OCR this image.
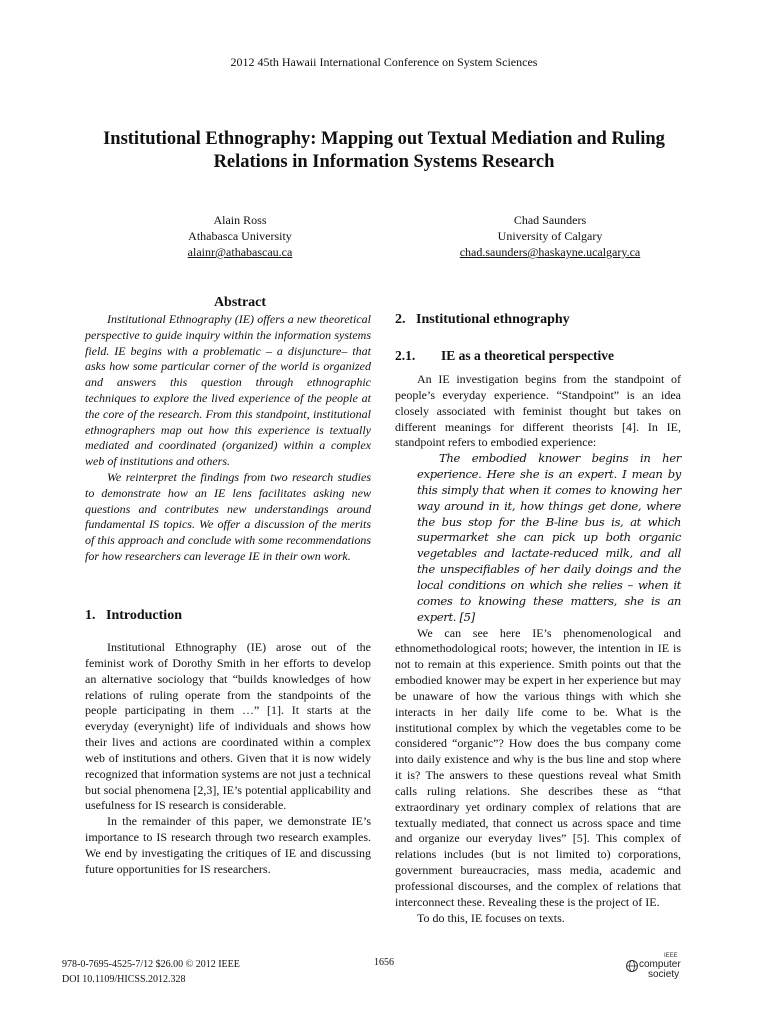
2012 45th Hawaii International Conference on System Sciences
Institutional Ethnography: Mapping out Textual Mediation and Ruling
Relations in Information Systems Research
Alain Ross
Athabasca University
alainr@athabascau.ca
Chad Saunders
University of Calgary
chad.saunders@haskayne.ucalgary.ca
Abstract

Institutional Ethnography (IE) offers a new theoretical perspective to guide inquiry within the information systems field. IE begins with a problematic – a disjuncture– that asks how some particular corner of the world is organized and answers this question through ethnographic techniques to explore the lived experience of the people at the core of the research. From this standpoint, institutional ethnographers map out how this experience is textually mediated and coordinated (organized) within a complex web of institutions and others.

We reinterpret the findings from two research studies to demonstrate how an IE lens facilitates asking new questions and contributes new understandings around fundamental IS topics. We offer a discussion of the merits of this approach and conclude with some recommendations for how researchers can leverage IE in their own work.

1.   Introduction

Institutional Ethnography (IE) arose out of the feminist work of Dorothy Smith in her efforts to develop an alternative sociology that “builds knowledges of how relations of ruling operate from the standpoints of the people participating in them …” [1]. It starts at the everyday (everynight) life of individuals and shows how their lives and actions are coordinated within a complex web of institutions and others. Given that it is now widely recognized that information systems are not just a technical but social phenomena [2,3], IE’s potential applicability and usefulness for IS research is considerable.

In the remainder of this paper, we demonstrate IE’s importance to IS research through two research examples. We end by investigating the critiques of IE and discussing future opportunities for IS researchers.

2.   Institutional ethnography
2.1. IE as a theoretical perspective

An IE investigation begins from the standpoint of people’s everyday experience. “Standpoint” is an idea closely associated with feminist thought but takes on different meanings for different theorists [4]. In IE, standpoint refers to embodied experience:

The embodied knower begins in her experience. Here she is an expert. I mean by this simply that when it comes to knowing her way around in it, how things get done, where the bus stop for the B-line bus is, at which supermarket she can pick up both organic vegetables and lactate-reduced milk, and all the unspecifiables of her daily doings and the local conditions on which she relies – when it comes to knowing these matters, she is an expert. [5]

We can see here IE’s phenomenological and ethnomethodological roots; however, the intention in IE is not to remain at this experience. Smith points out that the embodied knower may be expert in her experience but may be unaware of how the various things with which she interacts in her daily life come to be. What is the institutional complex by which the vegetables come to be considered “organic”? How does the bus company come into daily existence and why is the bus line and stop where it is? The answers to these questions reveal what Smith calls ruling relations. She describes these as “that extraordinary yet ordinary complex of relations that are textually mediated, that connect us across space and time and organize our everyday lives” [5]. This complex of relations includes (but is not limited to) corporations, government bureaucracies, mass media, academic and professional discourses, and the complex of relations that interconnect these. Revealing these is the project of IE.

To do this, IE focuses on texts.

978-0-7695-4525-7/12 $26.00 © 2012 IEEE
DOI 10.1109/HICSS.2012.328
1656
IEEE
computer
society
